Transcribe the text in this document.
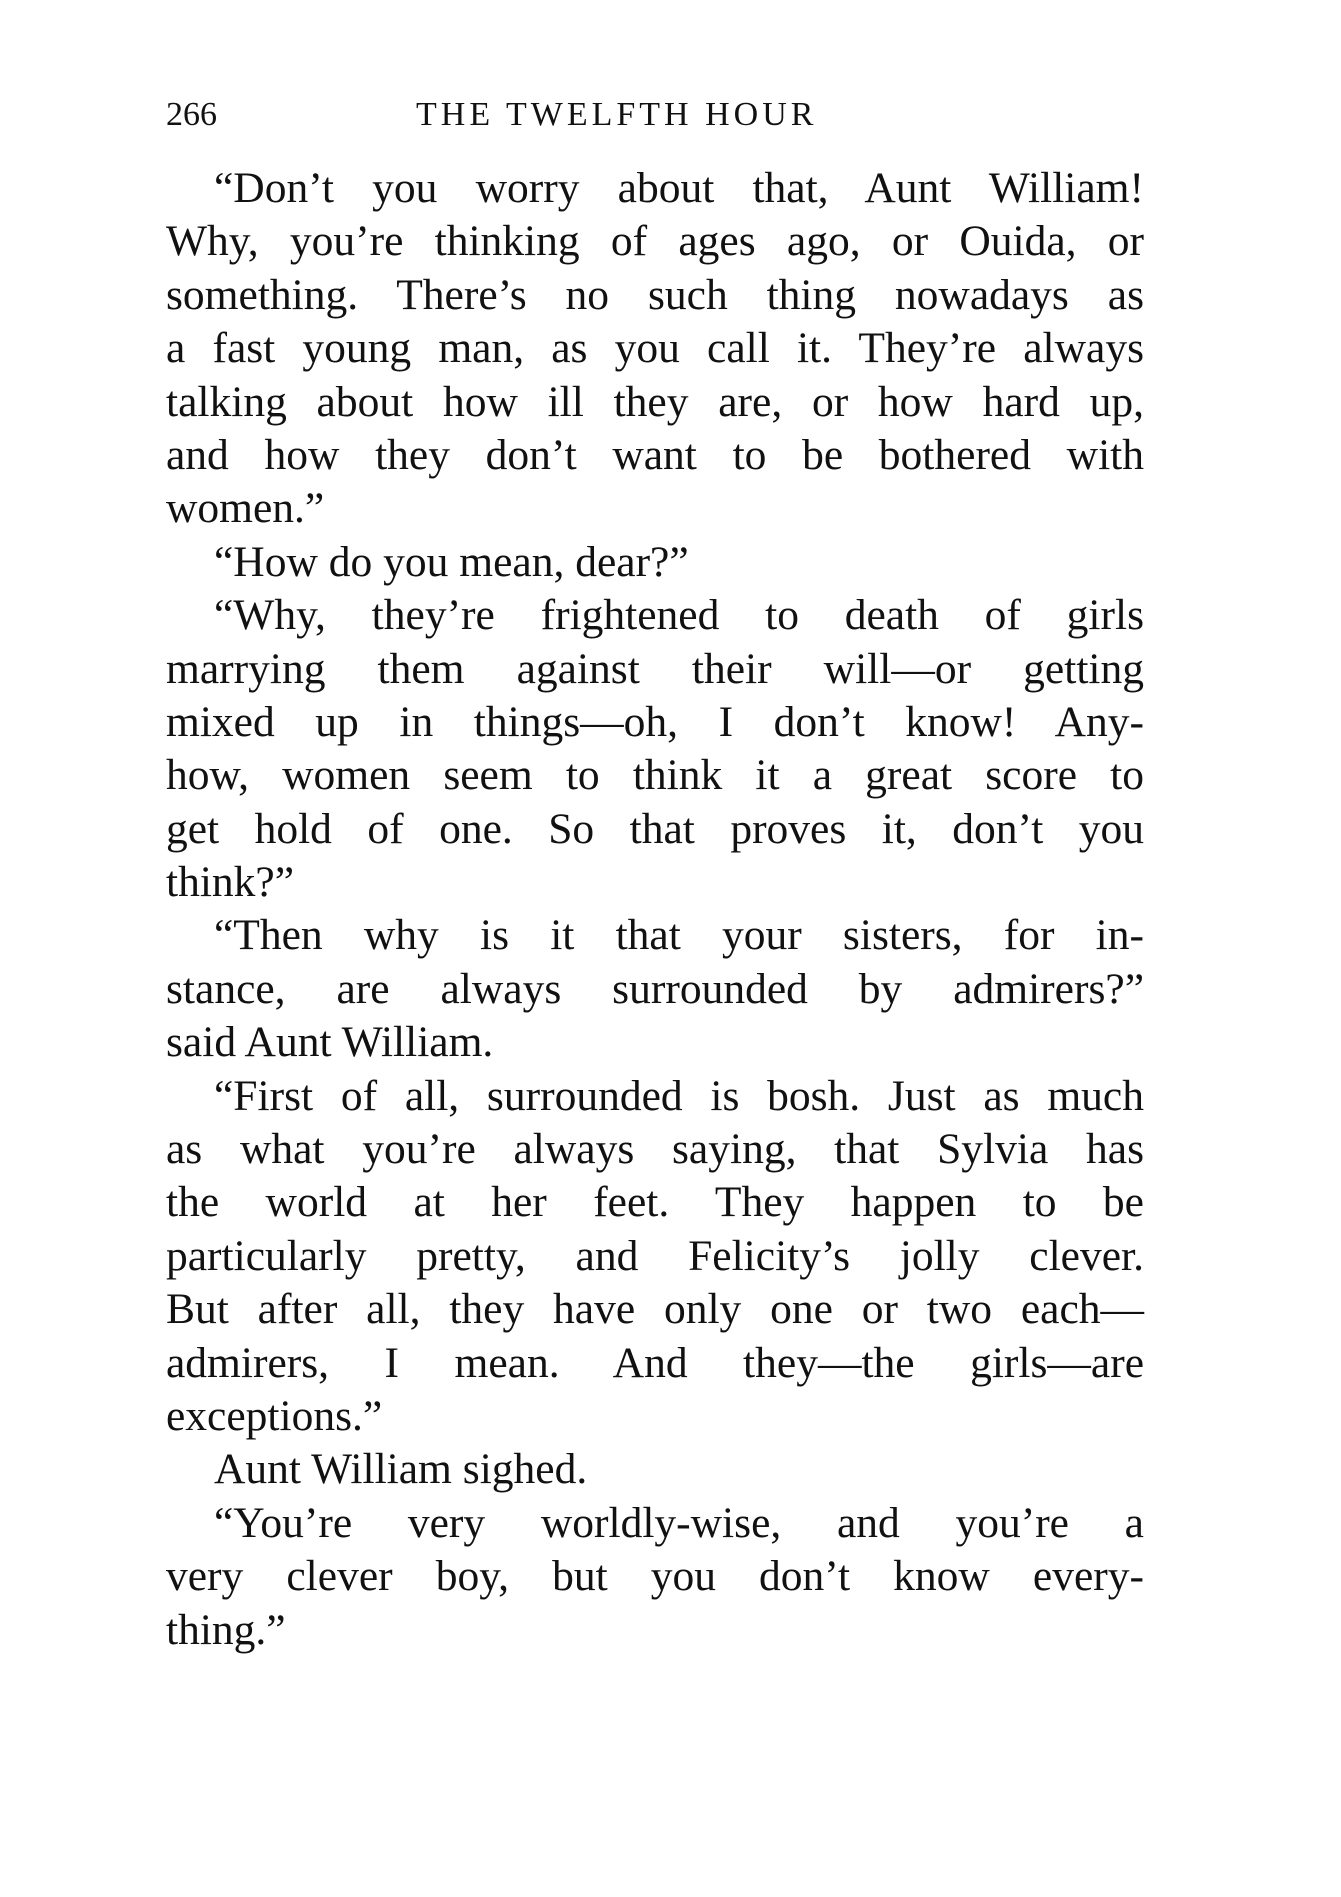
266	THE TWELFTH HOUR
“Don’t you worry about that, Aunt William!
Why, you’re thinking of ages ago, or Ouida, or
something. There’s no such thing nowadays as
a fast young man, as you call it. They’re always
talking about how ill they are, or how hard up,
and how they don’t want to be bothered with
women.”
“How do you mean, dear?”
“Why, they’re frightened to death of girls
marrying them against their will—or getting
mixed up in things—oh, I don’t know! Any-
how, women seem to think it a great score to
get hold of one. So that proves it, don’t you
think?”
“Then why is it that your sisters, for in-
stance, are always surrounded by admirers?”
said Aunt William.
“First of all, surrounded is bosh. Just as much
as what you’re always saying, that Sylvia has
the world at her feet. They happen to be
particularly pretty, and Felicity’s jolly clever.
But after all, they have only one or two each—
admirers, I mean. And they—the girls—are
exceptions.”
Aunt William sighed.
“You’re very worldly-wise, and you’re a
very clever boy, but you don’t know every-
thing.”
